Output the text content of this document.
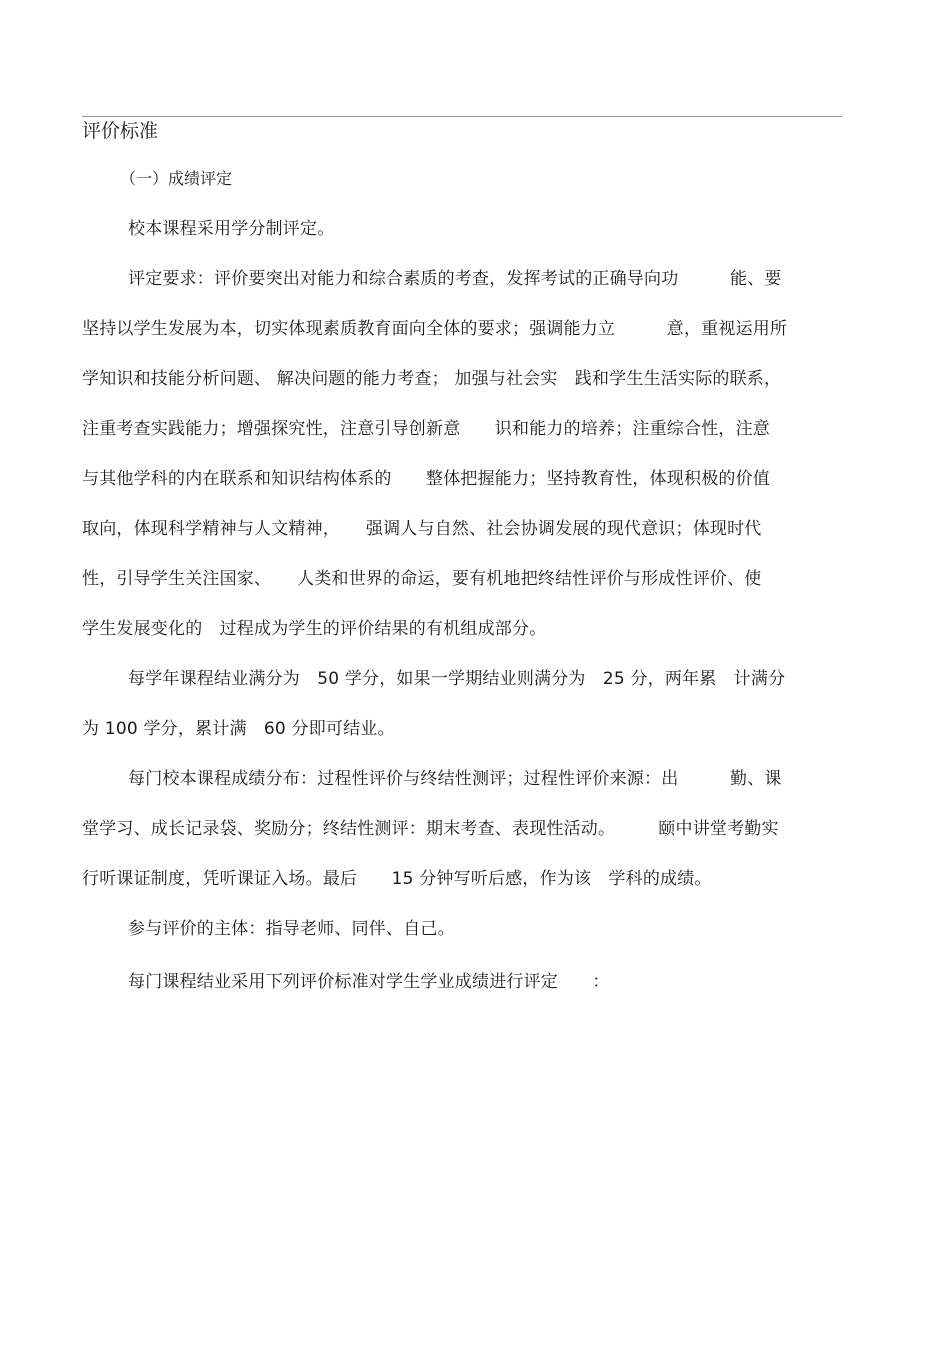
评价标准
（一）成绩评定
校本课程采用学分制评定。
评定要求：评价要突出对能力和综合素质的考查，发挥考试的正确导向功　　　能、要
坚持以学生发展为本，切实体现素质教育面向全体的要求；强调能力立　　　意，重视运用所
学知识和技能分析问题、 解决问题的能力考查； 加强与社会实　践和学生生活实际的联系，
注重考查实践能力；增强探究性，注意引导创新意　　识和能力的培养；注重综合性，注意
与其他学科的内在联系和知识结构体系的　　整体把握能力；坚持教育性，体现积极的价值
取向，体现科学精神与人文精神，　　强调人与自然、社会协调发展的现代意识；体现时代
性，引导学生关注国家、　　人类和世界的命运，要有机地把终结性评价与形成性评价、使
学生发展变化的　过程成为学生的评价结果的有机组成部分。
每学年课程结业满分为　50 学分，如果一学期结业则满分为　25 分，两年累　计满分
为 100 学分，累计满　60 分即可结业。
每门校本课程成绩分布：过程性评价与终结性测评；过程性评价来源：出　　　勤、课
堂学习、成长记录袋、奖励分；终结性测评：期末考查、表现性活动。　　　颐中讲堂考勤实
行听课证制度，凭听课证入场。最后　　15 分钟写听后感，作为该　学科的成绩。
参与评价的主体：指导老师、同伴、自己。
每门课程结业采用下列评价标准对学生学业成绩进行评定　　：
